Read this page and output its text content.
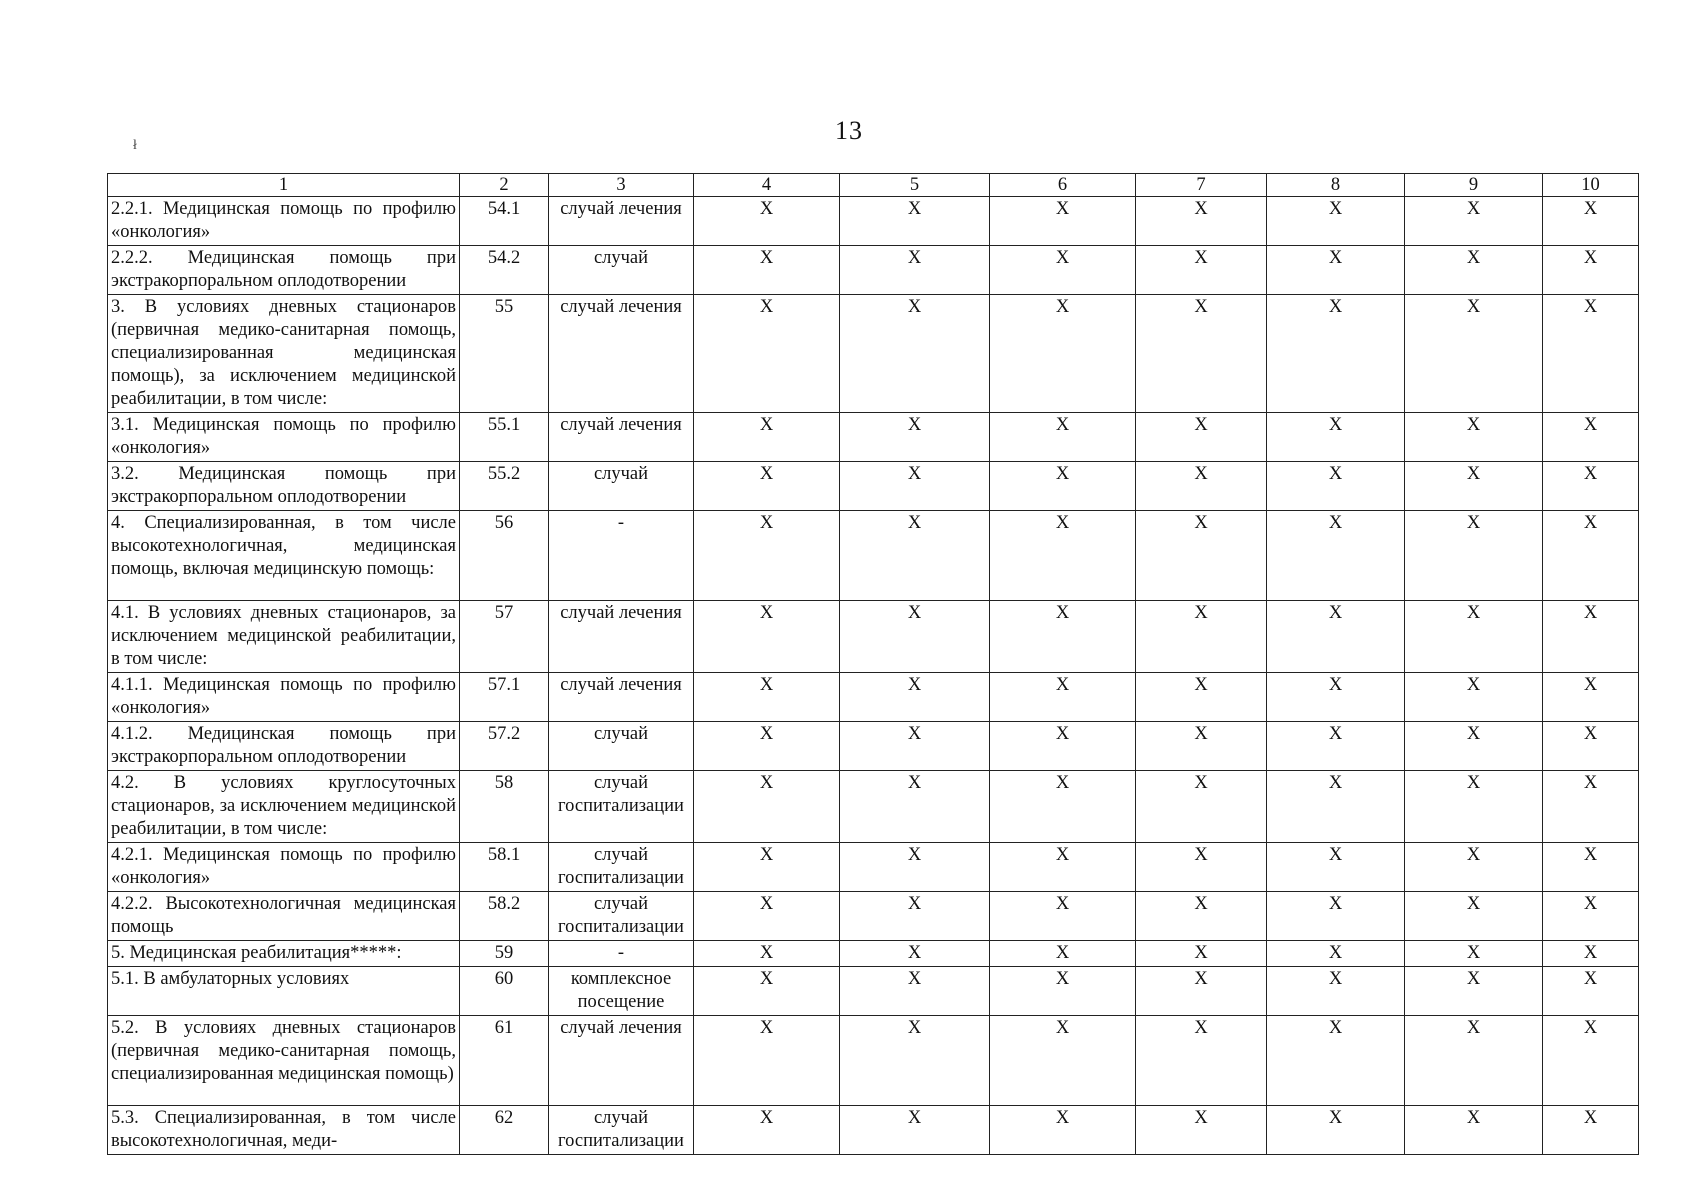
13
ł
1	2	3	4	5	6	7	8	9	10
2.2.1. Медицинская помощь по профилю «онкология»	54.1	случай лечения	X	X	X	X	X	X	X
2.2.2. Медицинская помощь при экстракорпоральном оплодотворении	54.2	случай	X	X	X	X	X	X	X
3. В условиях дневных стационаров (первичная медико-санитарная помощь, специализированная медицинская помощь), за исключением медицинской реабилитации, в том числе:	55	случай лечения	X	X	X	X	X	X	X
3.1. Медицинская помощь по профилю «онкология»	55.1	случай лечения	X	X	X	X	X	X	X
3.2. Медицинская помощь при экстракорпоральном оплодотворении	55.2	случай	X	X	X	X	X	X	X
4. Специализированная, в том числе высокотехнологичная, медицинская помощь, включая медицинскую помощь:	56	-	X	X	X	X	X	X	X
4.1. В условиях дневных стационаров, за исключением медицинской реабилитации, в том числе:	57	случай лечения	X	X	X	X	X	X	X
4.1.1. Медицинская помощь по профилю «онкология»	57.1	случай лечения	X	X	X	X	X	X	X
4.1.2. Медицинская помощь при экстракорпоральном оплодотворении	57.2	случай	X	X	X	X	X	X	X
4.2. В условиях круглосуточных стационаров, за исключением медицинской реабилитации, в том числе:	58	случай госпитализации	X	X	X	X	X	X	X
4.2.1. Медицинская помощь по профилю «онкология»	58.1	случай госпитализации	X	X	X	X	X	X	X
4.2.2. Высокотехнологичная медицинская помощь	58.2	случай госпитализации	X	X	X	X	X	X	X
5. Медицинская реабилитация*****:	59	-	X	X	X	X	X	X	X
5.1. В амбулаторных условиях	60	комплексное посещение	X	X	X	X	X	X	X
5.2. В условиях дневных стационаров (первичная медико-санитарная помощь, специализированная медицинская помощь)	61	случай лечения	X	X	X	X	X	X	X
5.3. Специализированная, в том числе высокотехнологичная, меди-	62	случай госпитализации	X	X	X	X	X	X	X
